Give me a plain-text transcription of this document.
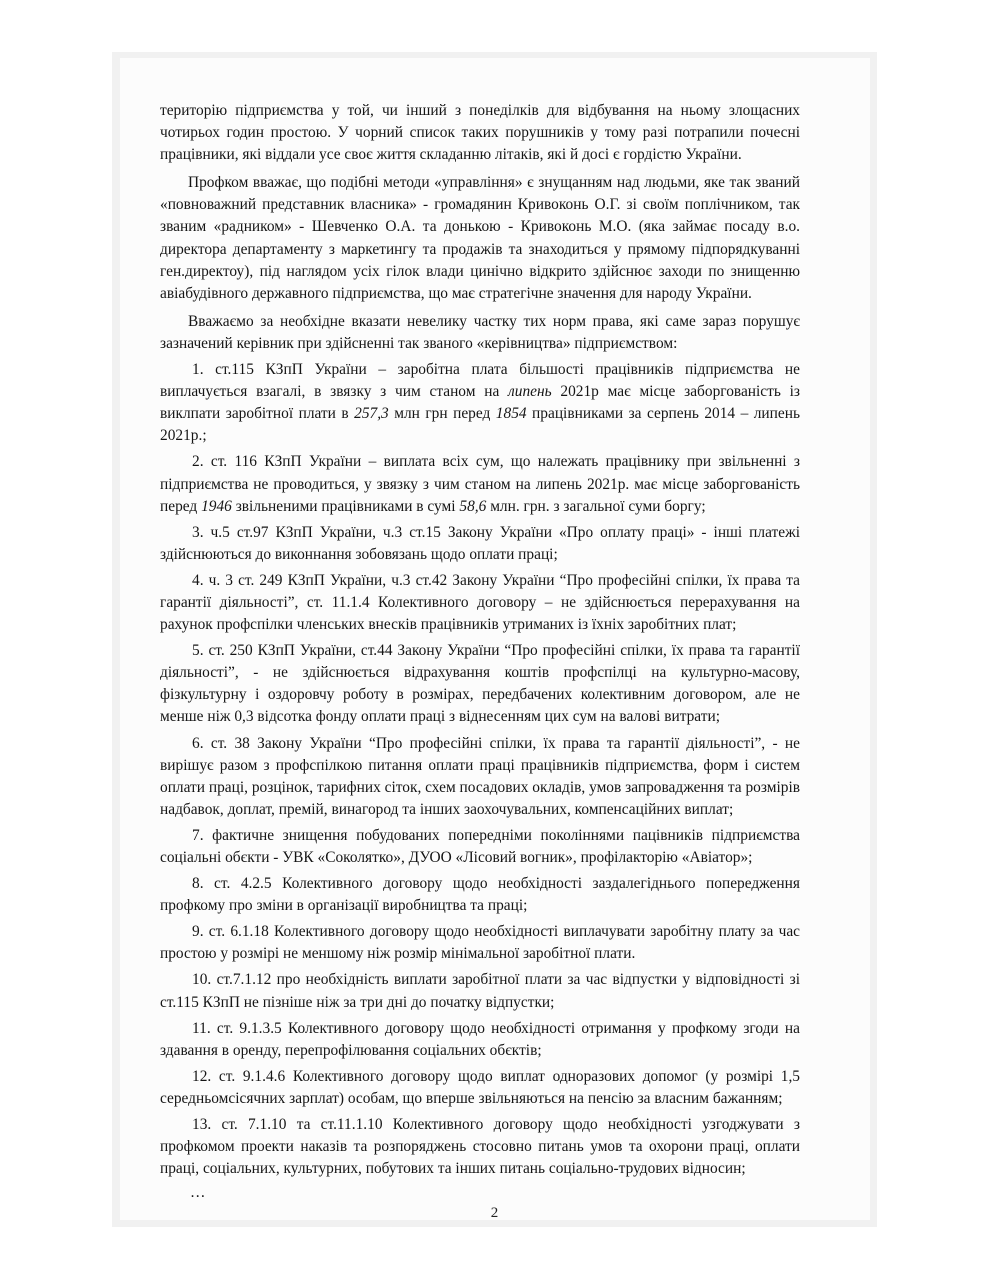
територію підприємства у той, чи інший з понеділків для відбування на ньому злощасних чотирьох годин простою. У чорний список таких порушників у тому разі потрапили почесні працівники, які віддали усе своє життя складанню літаків, які й досі є гордістю України.

Профком вважає, що подібні методи «управління» є знущанням над людьми, яке так званий «повноважний представник власника» - громадянин Кривоконь О.Г. зі своїм поплічником, так званим «радником» - Шевченко О.А. та донькою - Кривоконь М.О. (яка займає посаду в.о. директора департаменту з маркетингу та продажів та знаходиться у прямому підпорядкуванні ген.директоу), під наглядом усіх гілок влади цинічно відкрито здійснює заходи по знищенню авіабудівного державного підприємства, що має стратегічне значення для народу України.

Вважаємо за необхідне вказати невелику частку тих норм права, які саме зараз порушує зазначений керівник при здійсненні так званого «керівництва» підприємством:

1. ст.115 КЗпП України – заробітна плата більшості працівників підприємства не виплачується взагалі, в звязку з чим станом на липень 2021р має місце заборгованість із виклпати заробітної плати в 257,3 млн грн перед 1854 працівниками за серпень 2014 – липень 2021р.;

2. ст. 116 КЗпП України – виплата всіх сум, що належать працівнику при звільненні з підприємства не проводиться, у звязку з чим станом на липень 2021р. має місце заборгованість перед 1946 звільненими працівниками в сумі 58,6 млн. грн. з загальної суми боргу;

3. ч.5 ст.97 КЗпП України, ч.3 ст.15 Закону України «Про оплату праці» - інші платежі здійснюються до виконнання зобовязань щодо оплати праці;

4. ч. 3 ст. 249 КЗпП України, ч.3 ст.42 Закону України “Про професійні спілки, їх права та гарантії діяльності”, ст. 11.1.4 Колективного договору – не здійснюється перерахування на рахунок профспілки членських внесків працівників утриманих із їхніх заробітних плат;

5. ст. 250 КЗпП України, ст.44 Закону України “Про професійні спілки, їх права та гарантії діяльності”, - не здійснюється відрахування коштів профспілці на культурно-масову, фізкультурну і оздоровчу роботу в розмірах, передбачених колективним договором, але не менше ніж 0,3 відсотка фонду оплати праці з віднесенням цих сум на валові витрати;

6. ст. 38 Закону України “Про професійні спілки, їх права та гарантії діяльності”, - не вирішує разом з профспілкою питання оплати праці працівників підприємства, форм і систем оплати праці, розцінок, тарифних сіток, схем посадових окладів, умов запровадження та розмірів надбавок, доплат, премій, винагород та інших заохочувальних, компенсаційних виплат;

7. фактичне знищення побудованих попередніми поколіннями пацівників підприємства соціальні обєкти - УВК «Соколятко», ДУОО «Лісовий вогник», профілакторію «Авіатор»;

8. ст. 4.2.5 Колективного договору щодо необхідності заздалегіднього попередження профкому про зміни в організації виробництва та праці;

9. ст. 6.1.18 Колективного договору щодо необхідності виплачувати заробітну плату за час простою у розмірі не меншому ніж розмір мінімальної заробітної плати.

10. ст.7.1.12 про необхідність виплати заробітної плати за час відпустки у відповідності зі ст.115 КЗпП не пізніше ніж за три дні до початку відпустки;

11. ст. 9.1.3.5 Колективного договору щодо необхідності отримання у профкому згоди на здавання в оренду, перепрофілювання соціальних обєктів;

12. ст. 9.1.4.6 Колективного договору щодо виплат одноразових допомог (у розмірі 1,5 середньомсісячних зарплат) особам, що вперше звільняються на пенсію за власним бажанням;

13. ст. 7.1.10 та ст.11.1.10 Колективного договору щодо необхідності узгоджувати з профкомом проекти наказів та розпоряджень стосовно питань умов та охорони праці, оплати праці, соціальних, культурних, побутових та інших питань соціально-трудових відносин;

…

2
